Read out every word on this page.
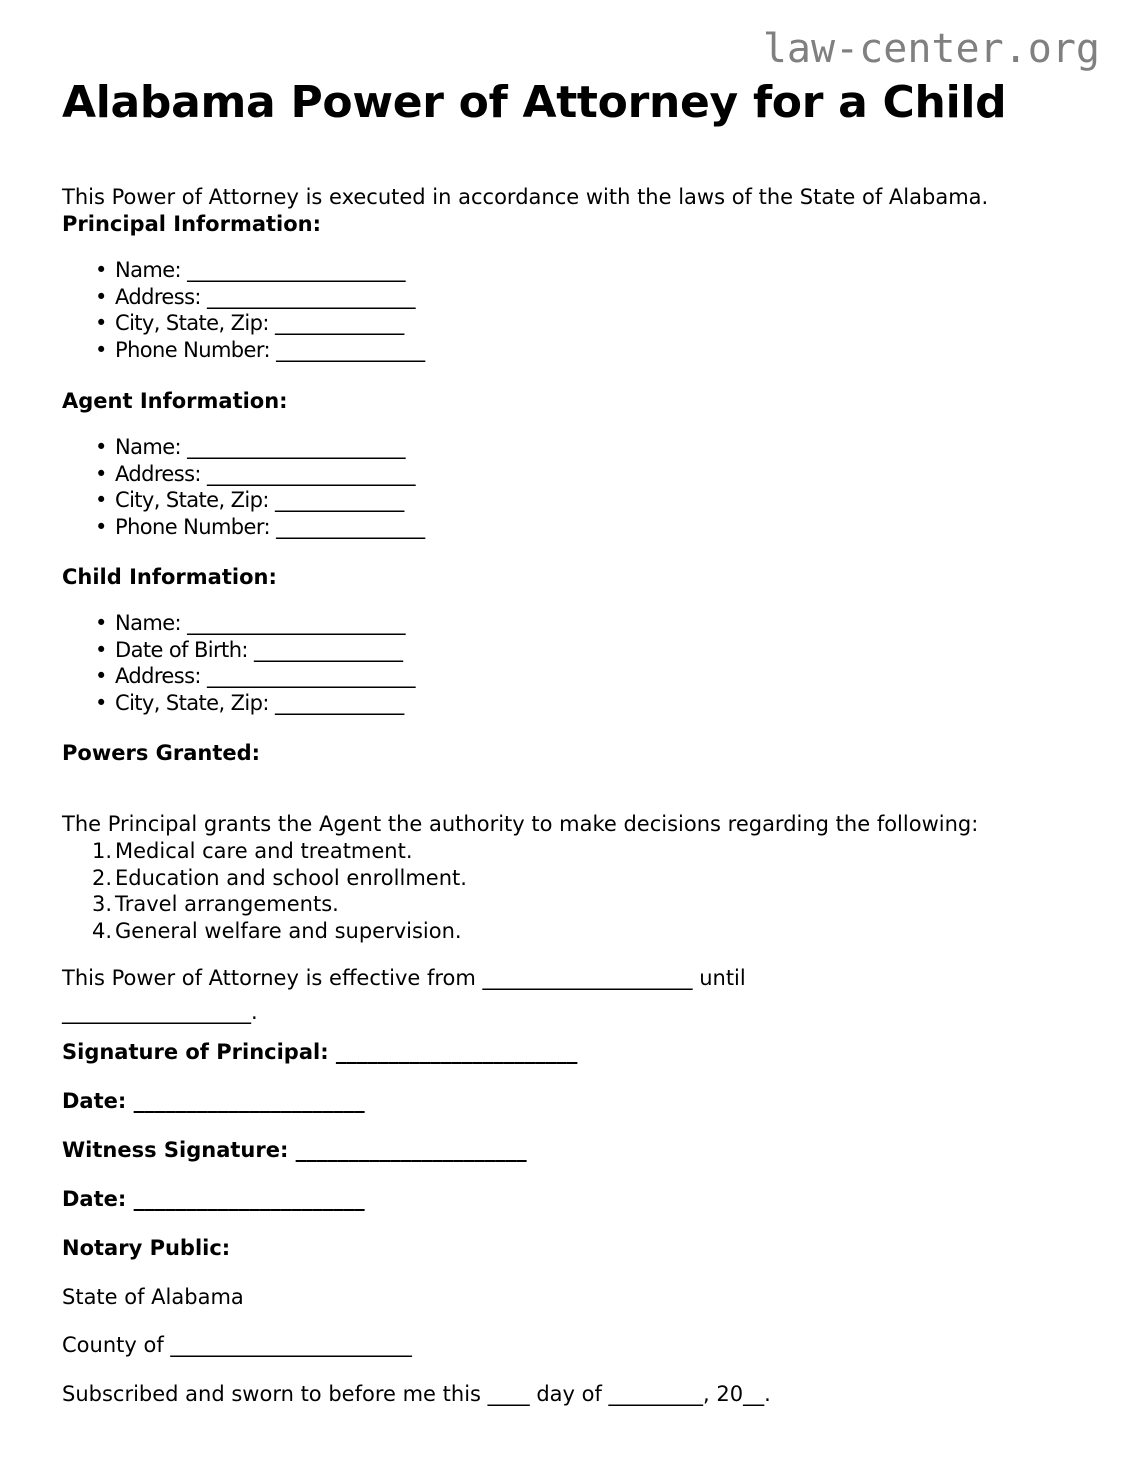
law-center.org
Alabama Power of Attorney for a Child

This Power of Attorney is executed in accordance with the laws of the State of Alabama.

Principal Information:
• Name: ______________________
• Address: _____________________
• City, State, Zip: _____________
• Phone Number: _______________
Agent Information:
• Name: ______________________
• Address: _____________________
• City, State, Zip: _____________
• Phone Number: _______________
Child Information:
• Name: ______________________
• Date of Birth: _______________
• Address: _____________________
• City, State, Zip: _____________
Powers Granted:

The Principal grants the Agent the authority to make decisions regarding the following:

1. Medical care and treatment.
2. Education and school enrollment.
3. Travel arrangements.
4. General welfare and supervision.
This Power of Attorney is effective from ____________________ until
__________________.
Signature of Principal: _______________________
Date: ______________________
Witness Signature: ______________________
Date: ______________________
Notary Public:
State of Alabama
County of _______________________
Subscribed and sworn to before me this ____ day of _________, 20__.
